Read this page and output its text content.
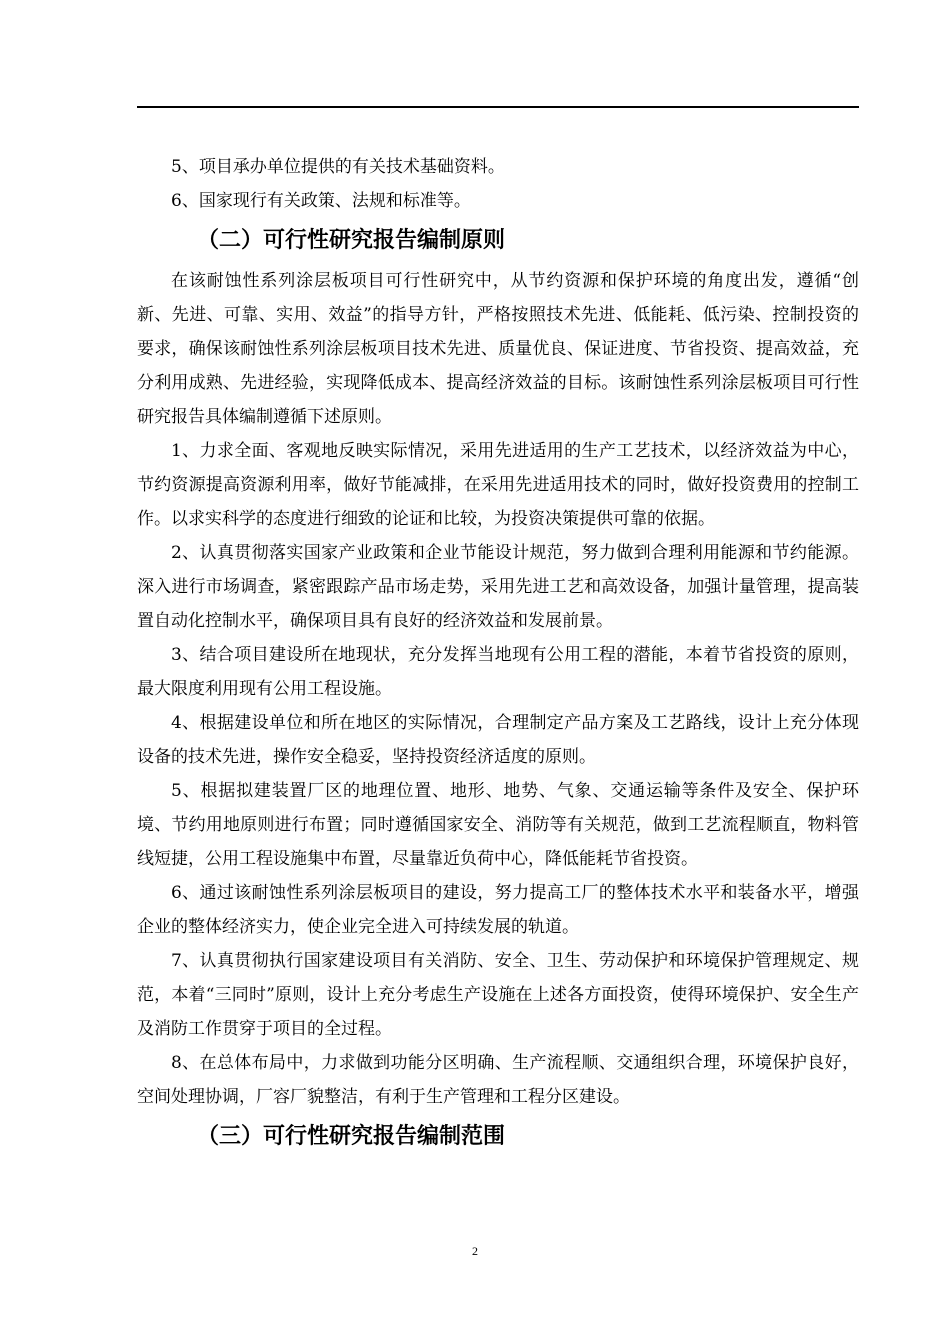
5、项目承办单位提供的有关技术基础资料。

6、国家现行有关政策、法规和标准等。

（二）可行性研究报告编制原则

在该耐蚀性系列涂层板项目可行性研究中，从节约资源和保护环境的角度出发，遵循“创新、先进、可靠、实用、效益”的指导方针，严格按照技术先进、低能耗、低污染、控制投资的要求，确保该耐蚀性系列涂层板项目技术先进、质量优良、保证进度、节省投资、提高效益，充分利用成熟、先进经验，实现降低成本、提高经济效益的目标。该耐蚀性系列涂层板项目可行性研究报告具体编制遵循下述原则。

1、力求全面、客观地反映实际情况，采用先进适用的生产工艺技术，以经济效益为中心，节约资源提高资源利用率，做好节能减排，在采用先进适用技术的同时，做好投资费用的控制工作。以求实科学的态度进行细致的论证和比较，为投资决策提供可靠的依据。

2、认真贯彻落实国家产业政策和企业节能设计规范，努力做到合理利用能源和节约能源。深入进行市场调查，紧密跟踪产品市场走势，采用先进工艺和高效设备，加强计量管理，提高装置自动化控制水平，确保项目具有良好的经济效益和发展前景。

3、结合项目建设所在地现状，充分发挥当地现有公用工程的潜能，本着节省投资的原则，最大限度利用现有公用工程设施。

4、根据建设单位和所在地区的实际情况，合理制定产品方案及工艺路线，设计上充分体现设备的技术先进，操作安全稳妥，坚持投资经济适度的原则。

5、根据拟建装置厂区的地理位置、地形、地势、气象、交通运输等条件及安全、保护环境、节约用地原则进行布置；同时遵循国家安全、消防等有关规范，做到工艺流程顺直，物料管线短捷，公用工程设施集中布置，尽量靠近负荷中心，降低能耗节省投资。

6、通过该耐蚀性系列涂层板项目的建设，努力提高工厂的整体技术水平和装备水平，增强企业的整体经济实力，使企业完全进入可持续发展的轨道。

7、认真贯彻执行国家建设项目有关消防、安全、卫生、劳动保护和环境保护管理规定、规范，本着“三同时”原则，设计上充分考虑生产设施在上述各方面投资，使得环境保护、安全生产及消防工作贯穿于项目的全过程。

8、在总体布局中，力求做到功能分区明确、生产流程顺、交通组织合理，环境保护良好，空间处理协调，厂容厂貌整洁，有利于生产管理和工程分区建设。

（三）可行性研究报告编制范围
2
